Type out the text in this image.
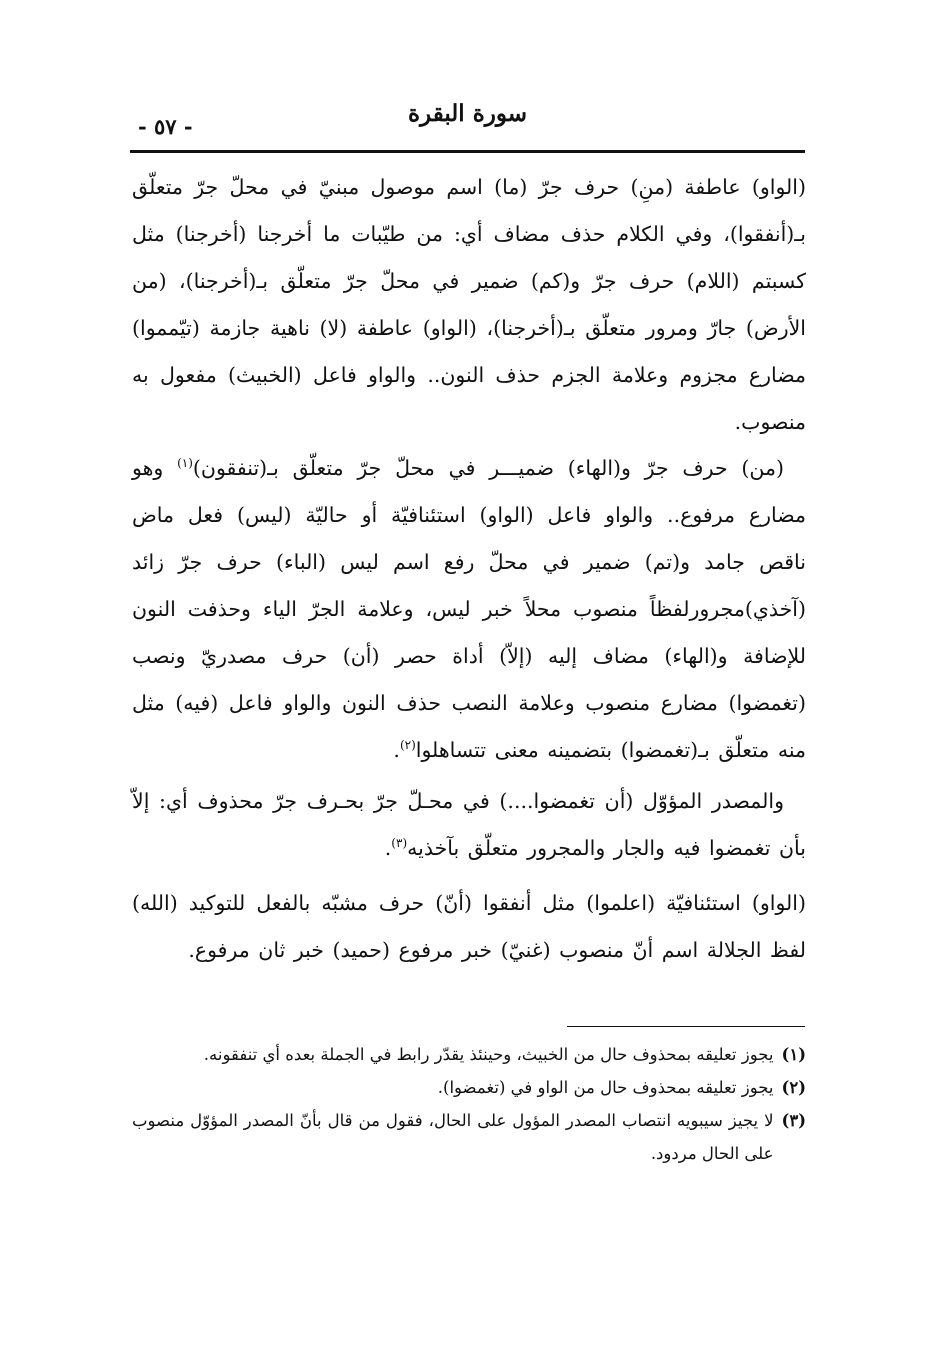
سورة البقرة
- ٥٧ -

(الواو) عاطفة (منِ) حرف جرّ (ما) اسم موصول مبنيّ في محلّ جرّ متعلّق بـ(أنفقوا)، وفي الكلام حذف مضاف أي: من طيّبات ما أخرجنا (أخرجنا) مثل كسبتم (اللام) حرف جرّ و(كم) ضمير في محلّ جرّ متعلّق بـ(أخرجنا)، (من الأرض) جارّ ومرور متعلّق بـ(أخرجنا)، (الواو) عاطفة (لا) ناهية جازمة (تيّمموا) مضارع مجزوم وعلامة الجزم حذف النون.. والواو فاعل (الخبيث) مفعول به منصوب.

(من) حرف جرّ و(الهاء) ضميـــر في محلّ جرّ متعلّق بـ(تنفقون)$^{(١)}$ وهو مضارع مرفوع.. والواو فاعل (الواو) استئنافيّة أو حاليّة (ليس) فعل ماض ناقص جامد و(تم) ضمير في محلّ رفع اسم ليس (الباء) حرف جرّ زائد (آخذي)مجرورلفظاً منصوب محلاً خبر ليس، وعلامة الجرّ الياء وحذفت النون للإضافة و(الهاء) مضاف إليه (إلاّ) أداة حصر (أن) حرف مصدريّ ونصب (تغمضوا) مضارع منصوب وعلامة النصب حذف النون والواو فاعل (فيه) مثل منه متعلّق بـ(تغمضوا) بتضمينه معنى تتساهلوا$^{(٢)}$.

والمصدر المؤوّل (أن تغمضوا....) في محـلّ جرّ بحـرف جرّ محذوف أي: إلاّ بأن تغمضوا فيه والجار والمجرور متعلّق بآخذيه$^{(٣)}$.

(الواو) استئنافيّة (اعلموا) مثل أنفقوا (أنّ) حرف مشبّه بالفعل للتوكيد (الله) لفظ الجلالة اسم أنّ منصوب (غنيّ) خبر مرفوع (حميد) خبر ثان مرفوع.

(١)
يجوز تعليقه بمحذوف حال من الخبيث، وحينئذ يقدّر رابط في الجملة بعده أي تنفقونه.
(٢)
يجوز تعليقه بمحذوف حال من الواو في (تغمضوا).
(٣)
لا يجيز سيبويه انتصاب المصدر المؤول على الحال، فقول من قال بأنّ المصدر المؤوّل منصوب على الحال مردود.
